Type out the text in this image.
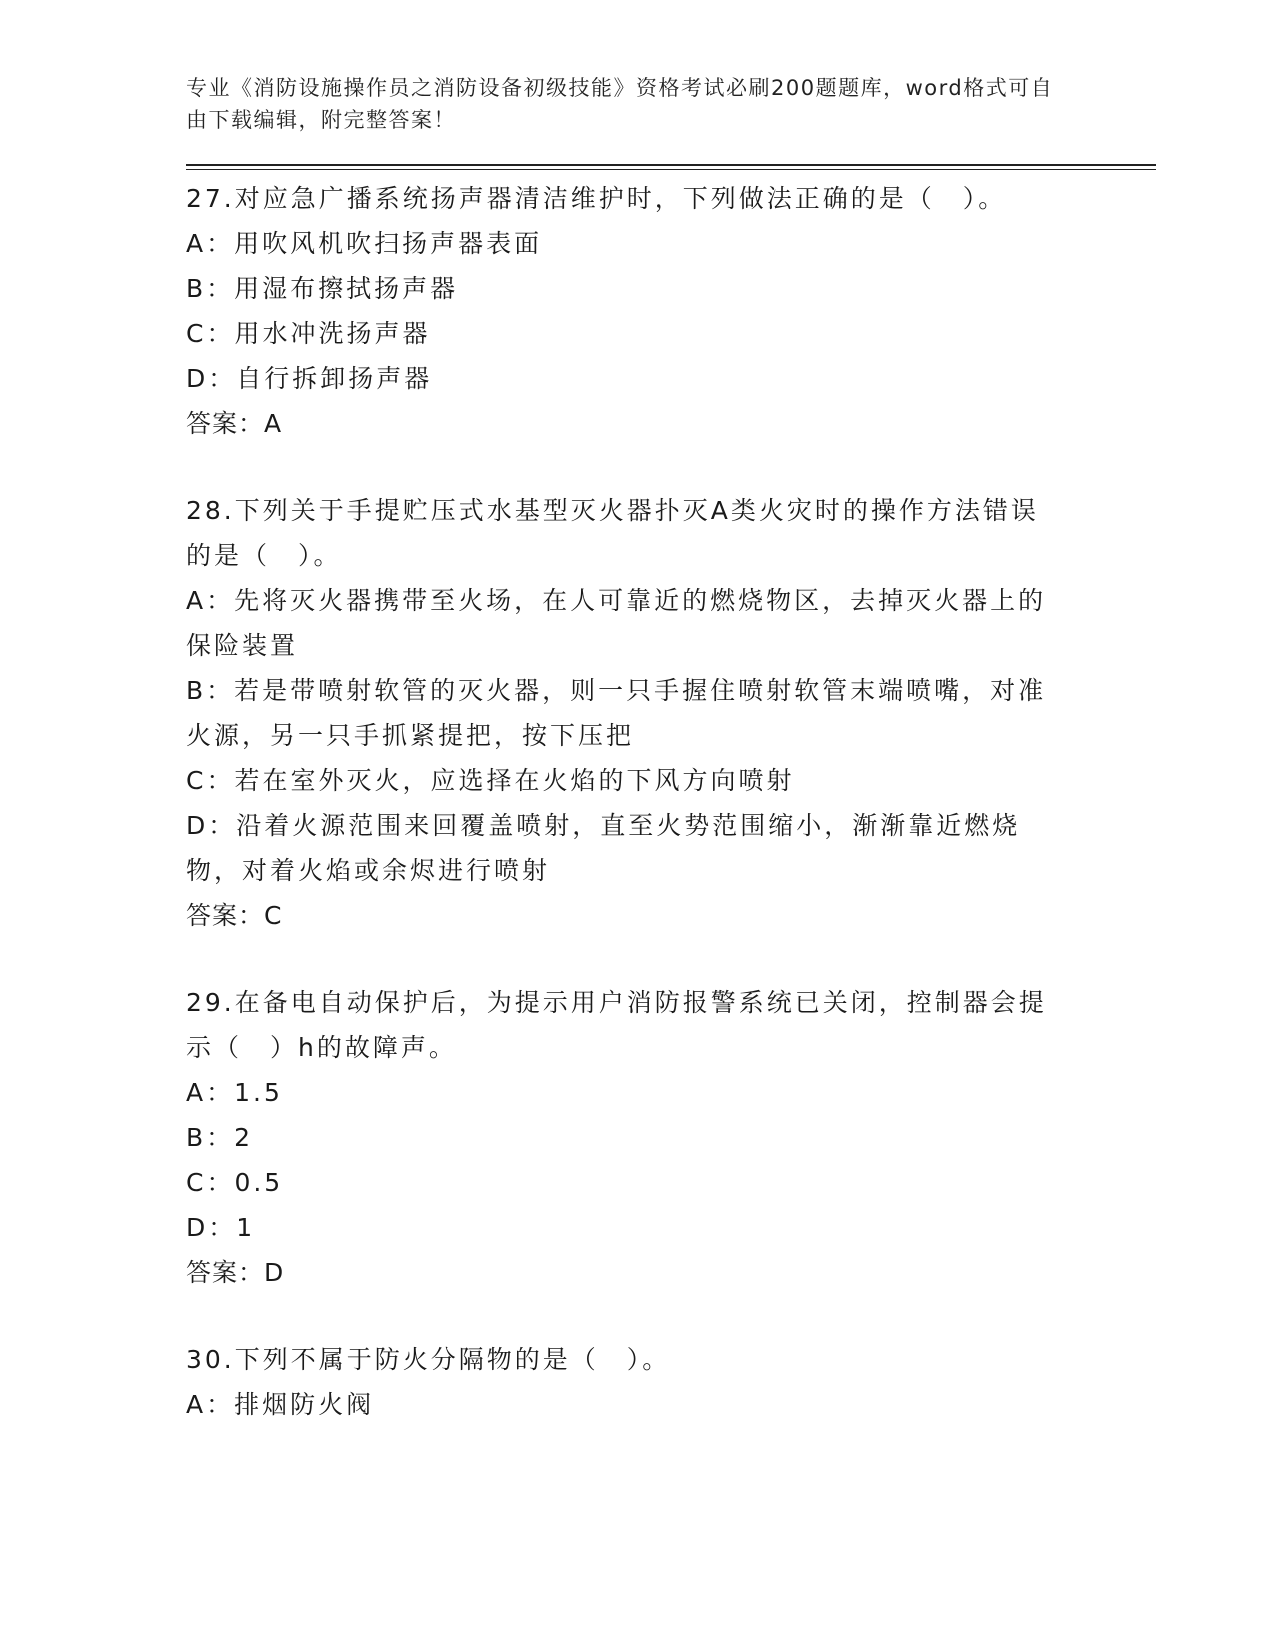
专业《消防设施操作员之消防设备初级技能》资格考试必刷200题题库，word格式可自由下载编辑，附完整答案！
27.对应急广播系统扬声器清洁维护时，下列做法正确的是（　）。
A：用吹风机吹扫扬声器表面
B：用湿布擦拭扬声器
C：用水冲洗扬声器
D：自行拆卸扬声器
答案：A
28.下列关于手提贮压式水基型灭火器扑灭A类火灾时的操作方法错误的是（　）。
A：先将灭火器携带至火场，在人可靠近的燃烧物区，去掉灭火器上的保险装置
B：若是带喷射软管的灭火器，则一只手握住喷射软管末端喷嘴，对准火源，另一只手抓紧提把，按下压把
C：若在室外灭火，应选择在火焰的下风方向喷射
D：沿着火源范围来回覆盖喷射，直至火势范围缩小，渐渐靠近燃烧物，对着火焰或余烬进行喷射
答案：C
29.在备电自动保护后，为提示用户消防报警系统已关闭，控制器会提示（　）h的故障声。
A：1.5
B：2
C：0.5
D：1
答案：D
30.下列不属于防火分隔物的是（　）。
A：排烟防火阀
